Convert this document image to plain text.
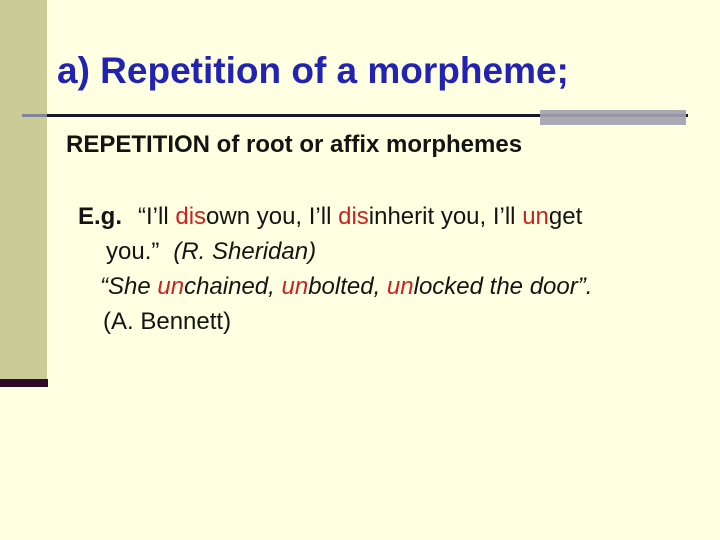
a) Repetition of a morpheme;
REPETITION of root or affix morphemes
E.g. “I’ll disown you, I’ll disinherit you, I’ll unget
you.” (R. Sheridan)
“She unchained, unbolted, unlocked the door”.
(A. Bennett)
